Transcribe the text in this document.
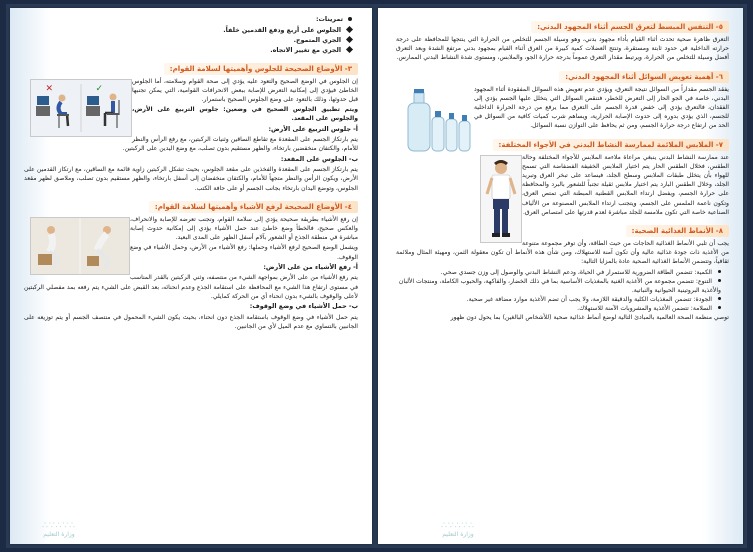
تمرينات:
الجلوس على أربع ودفع القدمين خلفاً.
الجري المتموج.
الجري مع تغيير الاتجاه.
٣- الأوضاع الصحيحة للجلوس وأهميتها لسلامة القوام:
✕	✓

إن الجلوس في الوضع الصحيح والتعود عليه يؤدي إلى صحة القوام وسلامته، أما الجلوس الخاطئ فيؤدي إلى إمكانية التعرض للإصابة ببعض الانحرافات القوامية، التي يمكن تجنبها قبل حدوثها، وذلك بالتعود على وضع الجلوس الصحيح باستمرار.

ويتم تطبيق الجلوس الصحيح في وضعين: جلوس التربيع على الأرض، والجلوس على المقعد.

أ- جلوس التربيع على الأرض:

يتم بارتكاز الجسم على المقعدة مع تقاطع الساقين وثنيات الركبتين، مع رفع الرأس والنظر للأمام، والكتفان منخفضين بارتخاء، والظهر مستقيم بدون تصلب، مع وضع اليدين على الركبتين.

ب- الجلوس على المقعد:

يتم بارتكاز الجسم على المقعدة والفخذين على مقعد الجلوس، بحيث تشكل الركبتين زاوية قائمة مع الساقين، مع ارتكاز القدمين على الأرض، ويكون الرأس والنظر متجهاً للأمام، والكتفان منخفضان إلى أسفل بارتخاء، والظهر مستقيم بدون تصلب، وملاصق لظهر مقعد الجلوس، وتوضع اليدان بارتخاء بجانب الجسم أو على حافة الكتب.

٤- الأوضاع الصحيحة لرفع الأشياء وأهميتها لسلامة القوام:

إن رفع الأشياء بطريقة صحيحة يؤدي إلى سلامة القوام، وتجنب تعرضه للإصابة والانحراف، والعكس صحيح، فالخطأ وضع خاطئ عند حمل الأشياء يؤدي إلى إمكانية حدوث إصابة مباشرة في منطقة الجذع أو الشعور بآلام أسفل الظهر على المدى البعيد.

ويشمل الوضع الصحيح لرفع الأشياء وحملها: رفع الأشياء من الأرض، وحمل الأشياء في وضع الوقوف.

أ- رفع الأشياء من على الأرض:

يتم رفع الأشياء من على الأرض بمواجهة الشيء من منتصفه، وثني الركبتين بالقدر المناسب في مستوى ارتفاع هذا الشيء مع المحافظة على استقامة الجذع وعدم انحنائه، بعد القبض على الشيء يتم رفعه بمد مفصلي الركبتين لأعلى والوقوف بالشيء بدون انحناء أي من الحركة كمايلي.

ب- حمل الأشياء في وضع الوقوف:

يتم حمل الأشياء في وضع الوقوف باستقامة الجذع دون انحناء، بحيث يكون الشيء المحمول في منتصف الجسم أو يتم توزيعه على الجانبين بالتساوي مع عدم الميل لأي من الجانبين.

∴∵∴∵∴
وزارة التعليم
٥- التنفس المبسط لتعرق الجسم أثناء المجهود البدني:

التعرق ظاهرة صحية تحدث أثناء القيام بأداء مجهود بدني، وهو وسيلة الجسم للتخلص من الحرارة التي ينتجها للمحافظة على درجة حرارته الداخلية في حدود ثابتة ومستقرة، وتنتج العضلات كمية كبيرة من العرق أثناء القيام بمجهود بدني مرتفع الشدة وبعد التعرق أفضل وسيلة للتخلص من الحرارة، ويرتبط مقدار التعرق عموماً بدرجة حرارة الجو، والملابس، ومستوى شدة النشاط البدني الممارس.

٦- أهمية تعويض السوائل أثناء المجهود البدني:

يفقد الجسم مقداراً من السوائل نتيجة التعرق، ويؤدي عدم تعويض هذه السوائل المفقودة أثناء المجهود البدني، خاصة في الجو الحار إلى التعرض للخطر، فتنقص السوائل التي يتخلل عليها الجسم يؤدي إلى الفقدان، فالتعرق يؤدي إلى خفض قدرة الجسم على التعرق مما يرفع من درجة الحرارة الداخلية للجسم، الذي يؤدي بدوره إلى حدوث الإصابة الحرارية، ويساهم شرب كميات كافية من السوائل في الحد من ارتفاع درجة حرارة الجسم، ومن ثم يحافظ على التوازن نسبة السوائل.

٧- الملابس الملائمة لممارسة النشاط البدني في الأجواء المختلفة:

عند ممارسة النشاط البدني ينبغي مراعاة ملاءمة الملابس للأجواء المختلفة وحالة الطقس، فخلال الطقس الحار يتم اختيار الملابس الخفيفة الفضفاضة التي تسمح للهواء بأن يتخلل طبقات الملابس وسطح الجلد، فيساعد على تبخر العرق وتبريد الجلد، وخلال الطقس البارد يتم اختيار ملابس ثقيلة تجنباً للشعور بالبرد والمحافظة على حرارة الجسم، ويفضل ارتداء الملابس القطنية المبطنة التي تمتص العرق، وتكون ناعمة الملمس على الجسم، ويتجنب ارتداء الملابس المصنوعة من الألياف الصناعية خاصة التي تكون ملامسة للجلد مباشرة لعدم قدرتها على امتصاص العرق.

٨- الأنماط الغذائية الصحية:

يجب أن تلبي الأنماط الغذائية الحاجات من حيث الطاقة، وأن توفر مجموعة متنوعة من الأغذية ذات جودة غذائية عالية وأن تكون آمنة للاستهلاك، ومن شأن هذه الأنماط أن تكون معقولة الثمن، ومهيئة المثال وملائمة ثقافياً، وتتضمن الأنماط الغذائية الصحية عادة بالمزايا التالية:

الكمية: تتضمن الطاقة الضرورية للاستمرار في الحياة، ودعم النشاط البدني والوصول إلى وزن جسدي صحي.
التنوع: تتضمن مجموعة من الأغذية الغنية بالمغذيات الأساسية بما في ذلك الخضار، والفاكهة، والحبوب الكاملة، ومنتجات الألبان والأغذية البروتينية الحيوانية والنباتية.
الجودة: تتضمن المغذيات الكلية والدقيقة اللازمة، ولا يجب أن تضم الأغذية موارد مضافة غير صحية.
السلامة: تتضمن الأغذية والمشروبات الآمنة للاستهلاك.

توصي منظمة الصحة العالمية بالمبادئ التالية لوضع أنماط غذائية صحية (للأشخاص البالغين) بما يحول دون ظهور

∴∵∴∵∴
وزارة التعليم
